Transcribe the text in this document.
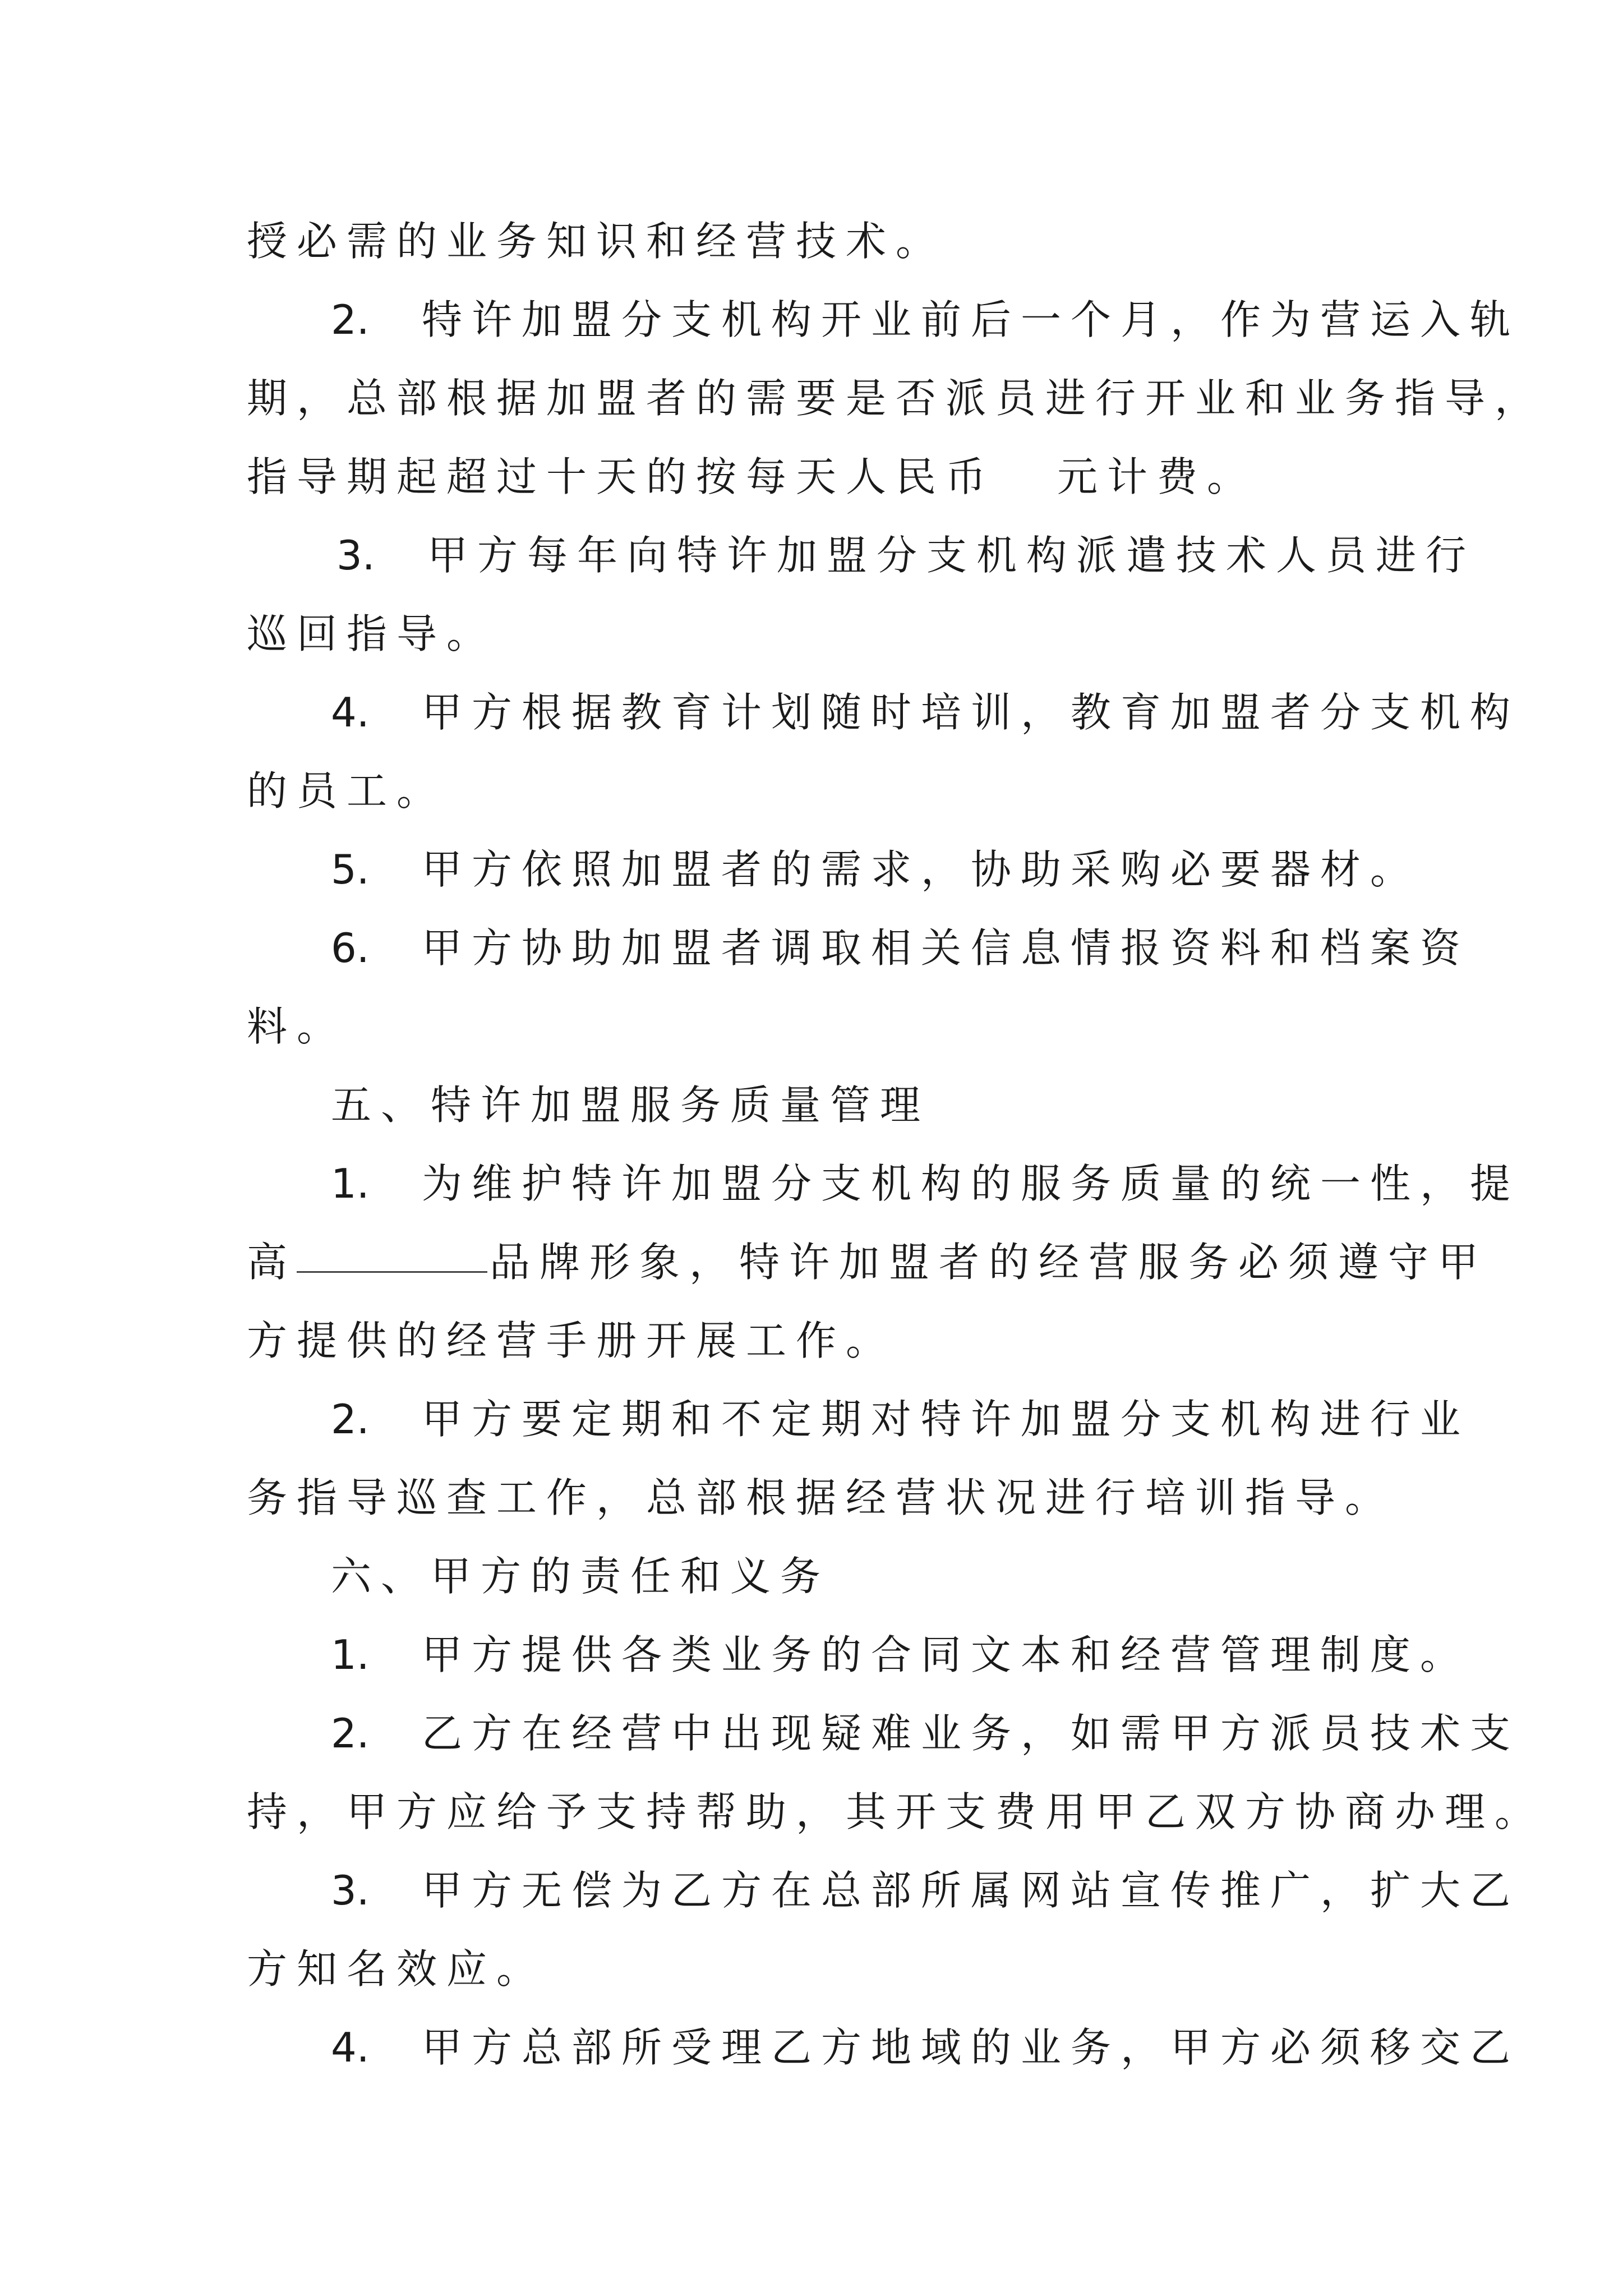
授必需的业务知识和经营技术。

2. 特许加盟分支机构开业前后一个月，作为营运入轨

期，总部根据加盟者的需要是否派员进行开业和业务指导，

指导期起超过十天的按每天人民币 元计费。

3. 甲方每年向特许加盟分支机构派遣技术人员进行

巡回指导。

4. 甲方根据教育计划随时培训，教育加盟者分支机构

的员工。

5. 甲方依照加盟者的需求，协助采购必要器材。

6. 甲方协助加盟者调取相关信息情报资料和档案资

料。

五、特许加盟服务质量管理

1. 为维护特许加盟分支机构的服务质量的统一性，提

高	品牌形象，特许加盟者的经营服务必须遵守甲

方提供的经营手册开展工作。

2. 甲方要定期和不定期对特许加盟分支机构进行业

务指导巡查工作，总部根据经营状况进行培训指导。

六、甲方的责任和义务

1. 甲方提供各类业务的合同文本和经营管理制度。

2. 乙方在经营中出现疑难业务，如需甲方派员技术支

持，甲方应给予支持帮助，其开支费用甲乙双方协商办理。

3. 甲方无偿为乙方在总部所属网站宣传推广，扩大乙

方知名效应。

4. 甲方总部所受理乙方地域的业务，甲方必须移交乙
